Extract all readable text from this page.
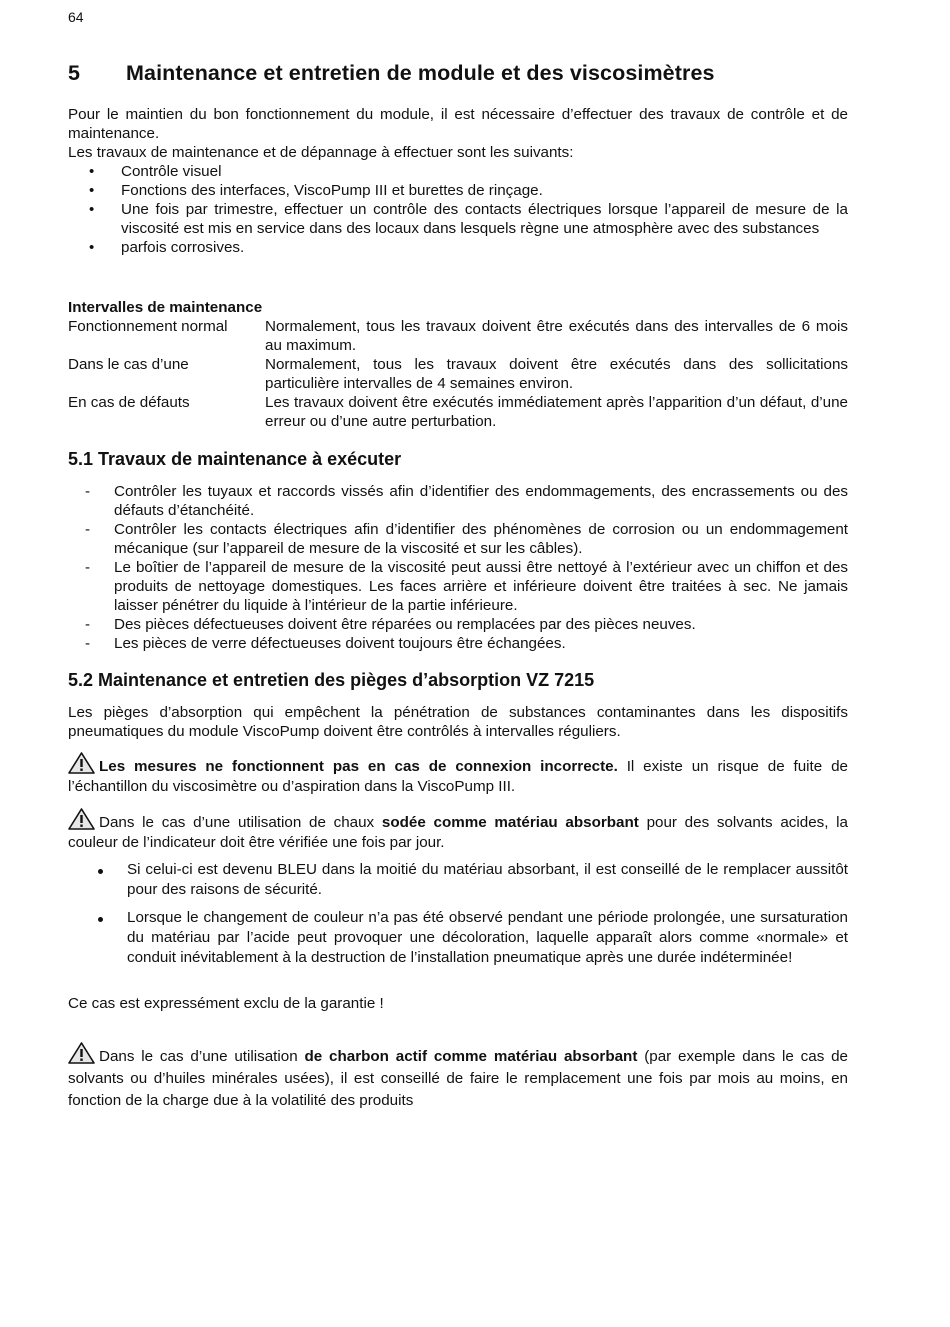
64
5 Maintenance et entretien de module et des viscosimètres

Pour le maintien du bon fonctionnement du module, il est nécessaire d’effectuer des travaux de contrôle et de maintenance.

Les travaux de maintenance et de dépannage à effectuer sont les suivants:

• Contrôle visuel
• Fonctions des interfaces, ViscoPump III et burettes de rinçage.
• Une fois par trimestre, effectuer un contrôle des contacts électriques lorsque l’appareil de mesure de la viscosité est mis en service dans des locaux dans lesquels règne une atmosphère avec des substances
• parfois corrosives.
Intervalles de maintenance
Fonctionnement normal	Normalement, tous les travaux doivent être exécutés dans des intervalles de 6 mois au maximum.
Dans le cas d’une	Normalement, tous les travaux doivent être exécutés dans des sollicitations particulière intervalles de 4 semaines environ.
En cas de défauts	Les travaux doivent être exécutés immédiatement après l’apparition d’un défaut, d’une erreur ou d’une autre perturbation.
5.1 Travaux de maintenance à exécuter
- Contrôler les tuyaux et raccords vissés afin d’identifier des endommagements, des encrassements ou des défauts d’étanchéité.
- Contrôler les contacts électriques afin d’identifier des phénomènes de corrosion ou un endommagement mécanique (sur l’appareil de mesure de la viscosité et sur les câbles).
- Le boîtier de l’appareil de mesure de la viscosité peut aussi être nettoyé à l’extérieur avec un chiffon et des produits de nettoyage domestiques. Les faces arrière et inférieure doivent être traitées à sec. Ne jamais laisser pénétrer du liquide à l’intérieur de la partie inférieure.
- Des pièces défectueuses doivent être réparées ou remplacées par des pièces neuves.
- Les pièces de verre défectueuses doivent toujours être échangées.
5.2 Maintenance et entretien des pièges d’absorption VZ 7215

Les pièges d’absorption qui empêchent la pénétration de substances contaminantes dans les dispositifs pneumatiques du module ViscoPump doivent être contrôlés à intervalles réguliers.

Les mesures ne fonctionnent pas en cas de connexion incorrecte. Il existe un risque de fuite de l’échantillon du viscosimètre ou d’aspiration dans la ViscoPump III.

Dans le cas d’une utilisation de chaux sodée comme matériau absorbant pour des solvants acides, la couleur de l’indicateur doit être vérifiée une fois par jour.

Si celui-ci est devenu BLEU dans la moitié du matériau absorbant, il est conseillé de le remplacer aussitôt pour des raisons de sécurité.
Lorsque le changement de couleur n’a pas été observé pendant une période prolongée, une sursaturation du matériau par l’acide peut provoquer une décoloration, laquelle apparaît alors comme «normale» et conduit inévitablement à la destruction de l’installation pneumatique après une durée indéterminée!

Ce cas est expressément exclu de la garantie !

Dans le cas d’une utilisation de charbon actif comme matériau absorbant (par exemple dans le cas de solvants ou d’huiles minérales usées), il est conseillé de faire le remplacement une fois par mois au moins, en fonction de la charge due à la volatilité des produits
